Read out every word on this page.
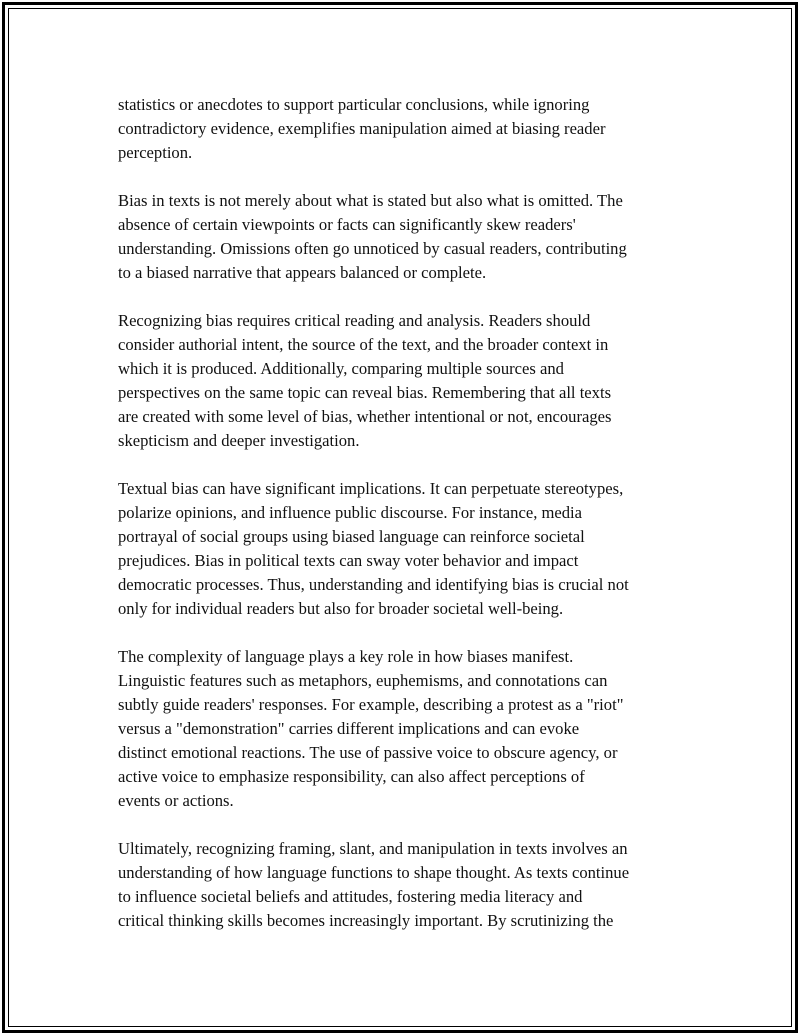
statistics or anecdotes to support particular conclusions, while ignoring
contradictory evidence, exemplifies manipulation aimed at biasing reader
perception.

Bias in texts is not merely about what is stated but also what is omitted. The
absence of certain viewpoints or facts can significantly skew readers'
understanding. Omissions often go unnoticed by casual readers, contributing
to a biased narrative that appears balanced or complete.

Recognizing bias requires critical reading and analysis. Readers should
consider authorial intent, the source of the text, and the broader context in
which it is produced. Additionally, comparing multiple sources and
perspectives on the same topic can reveal bias. Remembering that all texts
are created with some level of bias, whether intentional or not, encourages
skepticism and deeper investigation.

Textual bias can have significant implications. It can perpetuate stereotypes,
polarize opinions, and influence public discourse. For instance, media
portrayal of social groups using biased language can reinforce societal
prejudices. Bias in political texts can sway voter behavior and impact
democratic processes. Thus, understanding and identifying bias is crucial not
only for individual readers but also for broader societal well-being.

The complexity of language plays a key role in how biases manifest.
Linguistic features such as metaphors, euphemisms, and connotations can
subtly guide readers' responses. For example, describing a protest as a "riot"
versus a "demonstration" carries different implications and can evoke
distinct emotional reactions. The use of passive voice to obscure agency, or
active voice to emphasize responsibility, can also affect perceptions of
events or actions.

Ultimately, recognizing framing, slant, and manipulation in texts involves an
understanding of how language functions to shape thought. As texts continue
to influence societal beliefs and attitudes, fostering media literacy and
critical thinking skills becomes increasingly important. By scrutinizing the
